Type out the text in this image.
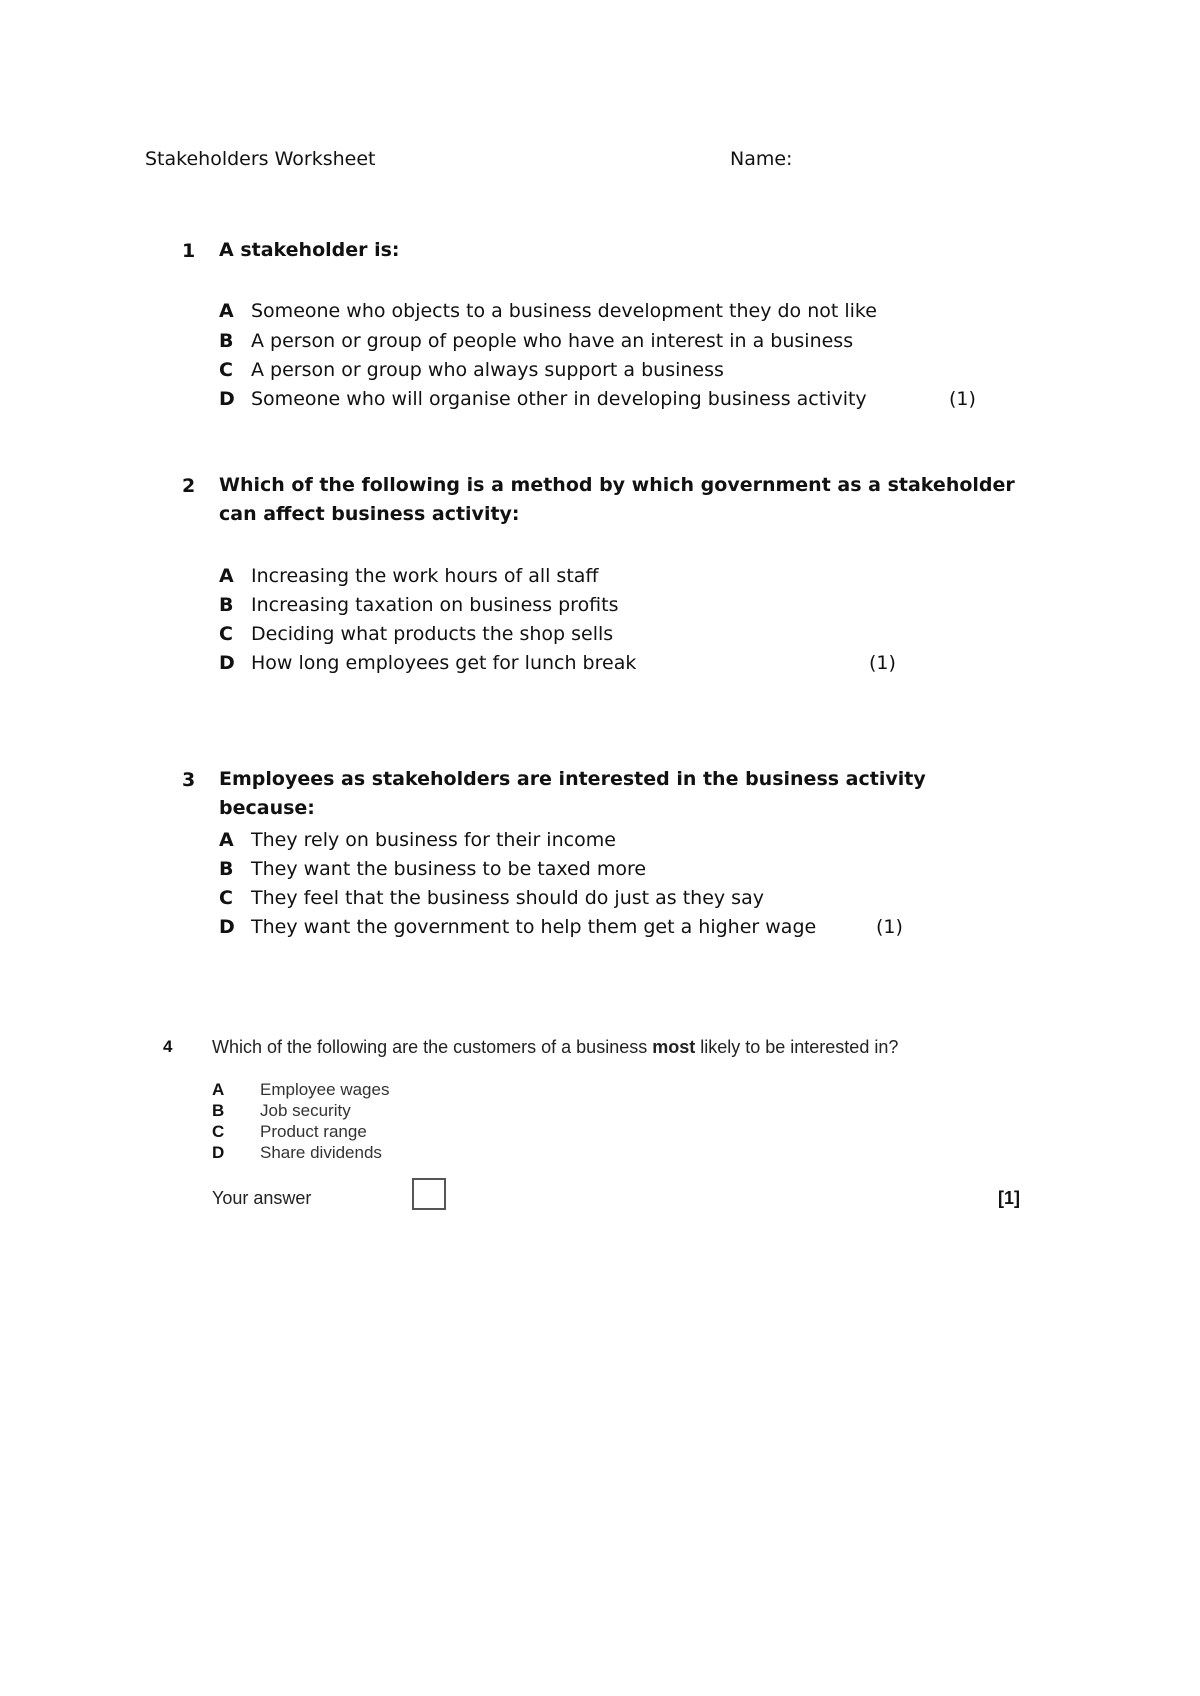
Stakeholders Worksheet	Name:
1 A stakeholder is:
A Someone who objects to a business development they do not like
B A person or group of people who have an interest in a business
C A person or group who always support a business
D Someone who will organise other in developing business activity	(1)
2 Which of the following is a method by which government as a stakeholder can affect business activity:
A Increasing the work hours of all staff
B Increasing taxation on business profits
C Deciding what products the shop sells
D How long employees get for lunch break	(1)
3 Employees as stakeholders are interested in the business activity because:
A They rely on business for their income
B They want the business to be taxed more
C They feel that the business should do just as they say
D They want the government to help them get a higher wage	(1)
4 Which of the following are the customers of a business most likely to be interested in?
A Employee wages
B Job security
C Product range
D Share dividends
Your answer	[1]
